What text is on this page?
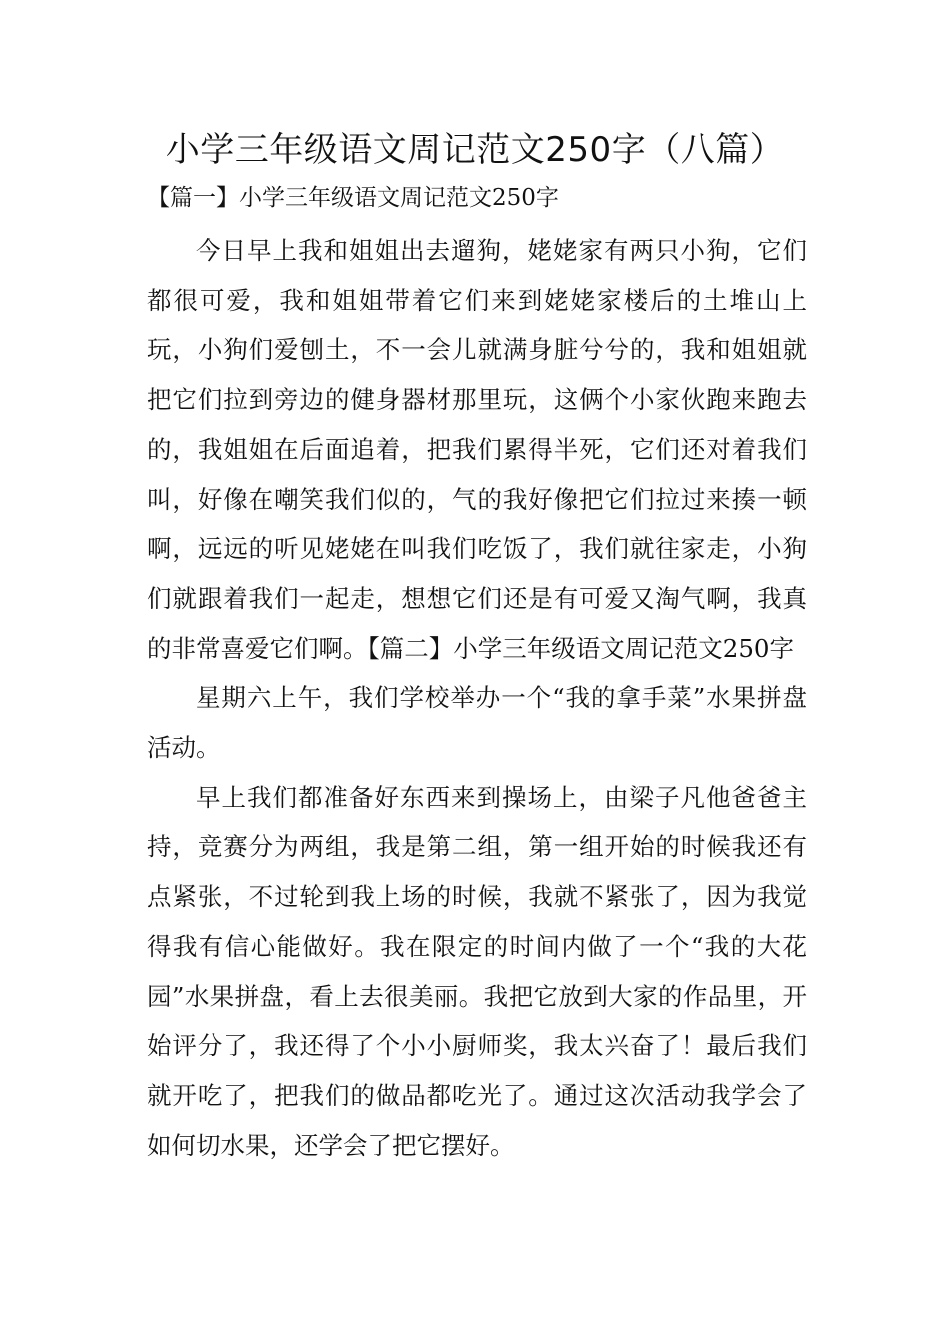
小学三年级语文周记范文250字（八篇）
【篇一】小学三年级语文周记范文250字

今日早上我和姐姐出去遛狗，姥姥家有两只小狗，它们都很可爱，我和姐姐带着它们来到姥姥家楼后的土堆山上玩，小狗们爱刨土，不一会儿就满身脏兮兮的，我和姐姐就把它们拉到旁边的健身器材那里玩，这俩个小家伙跑来跑去的，我姐姐在后面追着，把我们累得半死，它们还对着我们叫，好像在嘲笑我们似的，气的我好像把它们拉过来揍一顿啊，远远的听见姥姥在叫我们吃饭了，我们就往家走，小狗们就跟着我们一起走，想想它们还是有可爱又淘气啊，我真的非常喜爱它们啊。【篇二】小学三年级语文周记范文250字

星期六上午，我们学校举办一个“我的拿手菜”水果拼盘活动。

早上我们都准备好东西来到操场上，由梁子凡他爸爸主持，竞赛分为两组，我是第二组，第一组开始的时候我还有点紧张，不过轮到我上场的时候，我就不紧张了，因为我觉得我有信心能做好。我在限定的时间内做了一个“我的大花园”水果拼盘，看上去很美丽。我把它放到大家的作品里，开始评分了，我还得了个小小厨师奖，我太兴奋了！最后我们就开吃了，把我们的做品都吃光了。通过这次活动我学会了如何切水果，还学会了把它摆好。
